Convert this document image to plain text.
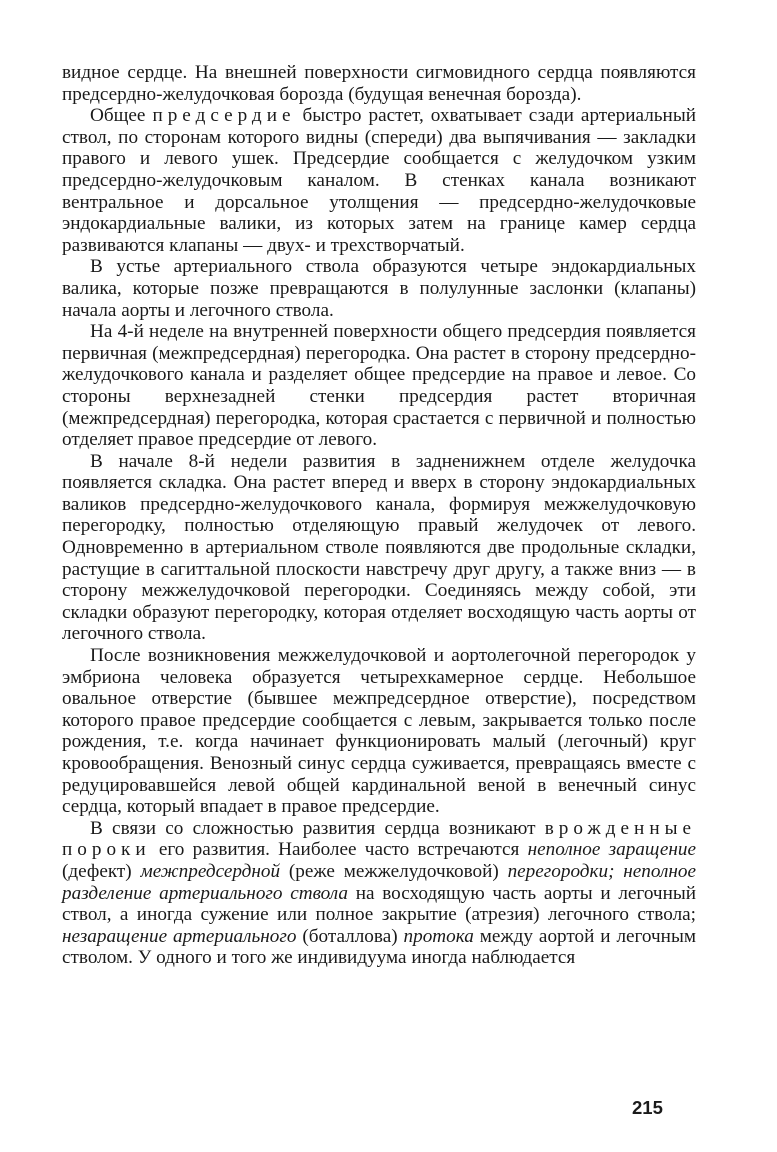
видное сердце. На внешней поверхности сигмовидного сердца появляются предсердно-желудочковая борозда (будущая венечная борозда).

Общее предсердие быстро растет, охватывает сзади артериальный ствол, по сторонам которого видны (спереди) два выпячивания — закладки правого и левого ушек. Предсердие сообщается с желудочком узким предсердно-желудочковым каналом. В стенках канала возникают вентральное и дорсальное утолщения — предсердно-желудочковые эндокардиальные валики, из которых затем на границе камер сердца развиваются клапаны — двух- и трехстворчатый.

В устье артериального ствола образуются четыре эндокардиальных валика, которые позже превращаются в полулунные заслонки (клапаны) начала аорты и легочного ствола.

На 4-й неделе на внутренней поверхности общего предсердия появляется первичная (межпредсердная) перегородка. Она растет в сторону предсердно-желудочкового канала и разделяет общее предсердие на правое и левое. Со стороны верхнезадней стенки предсердия растет вторичная (межпредсердная) перегородка, которая срастается с первичной и полностью отделяет правое предсердие от левого.

В начале 8-й недели развития в задненижнем отделе желудочка появляется складка. Она растет вперед и вверх в сторону эндокардиальных валиков предсердно-желудочкового канала, формируя межжелудочковую перегородку, полностью отделяющую правый желудочек от левого. Одновременно в артериальном стволе появляются две продольные складки, растущие в сагиттальной плоскости навстречу друг другу, а также вниз — в сторону межжелудочковой перегородки. Соединяясь между собой, эти складки образуют перегородку, которая отделяет восходящую часть аорты от легочного ствола.

После возникновения межжелудочковой и аортолегочной перегородок у эмбриона человека образуется четырехкамерное сердце. Небольшое овальное отверстие (бывшее межпредсердное отверстие), посредством которого правое предсердие сообщается с левым, закрывается только после рождения, т.е. когда начинает функционировать малый (легочный) круг кровообращения. Венозный синус сердца суживается, превращаясь вместе с редуцировавшейся левой общей кардинальной веной в венечный синус сердца, который впадает в правое предсердие.

В связи со сложностью развития сердца возникают врожденные пороки его развития. Наиболее часто встречаются неполное заращение (дефект) межпредсердной (реже межжелудочковой) перегородки; неполное разделение артериального ствола на восходящую часть аорты и легочный ствол, а иногда сужение или полное закрытие (атрезия) легочного ствола; незаращение артериального (боталлова) протока между аортой и легочным стволом. У одного и того же индивидуума иногда наблюдается

215
